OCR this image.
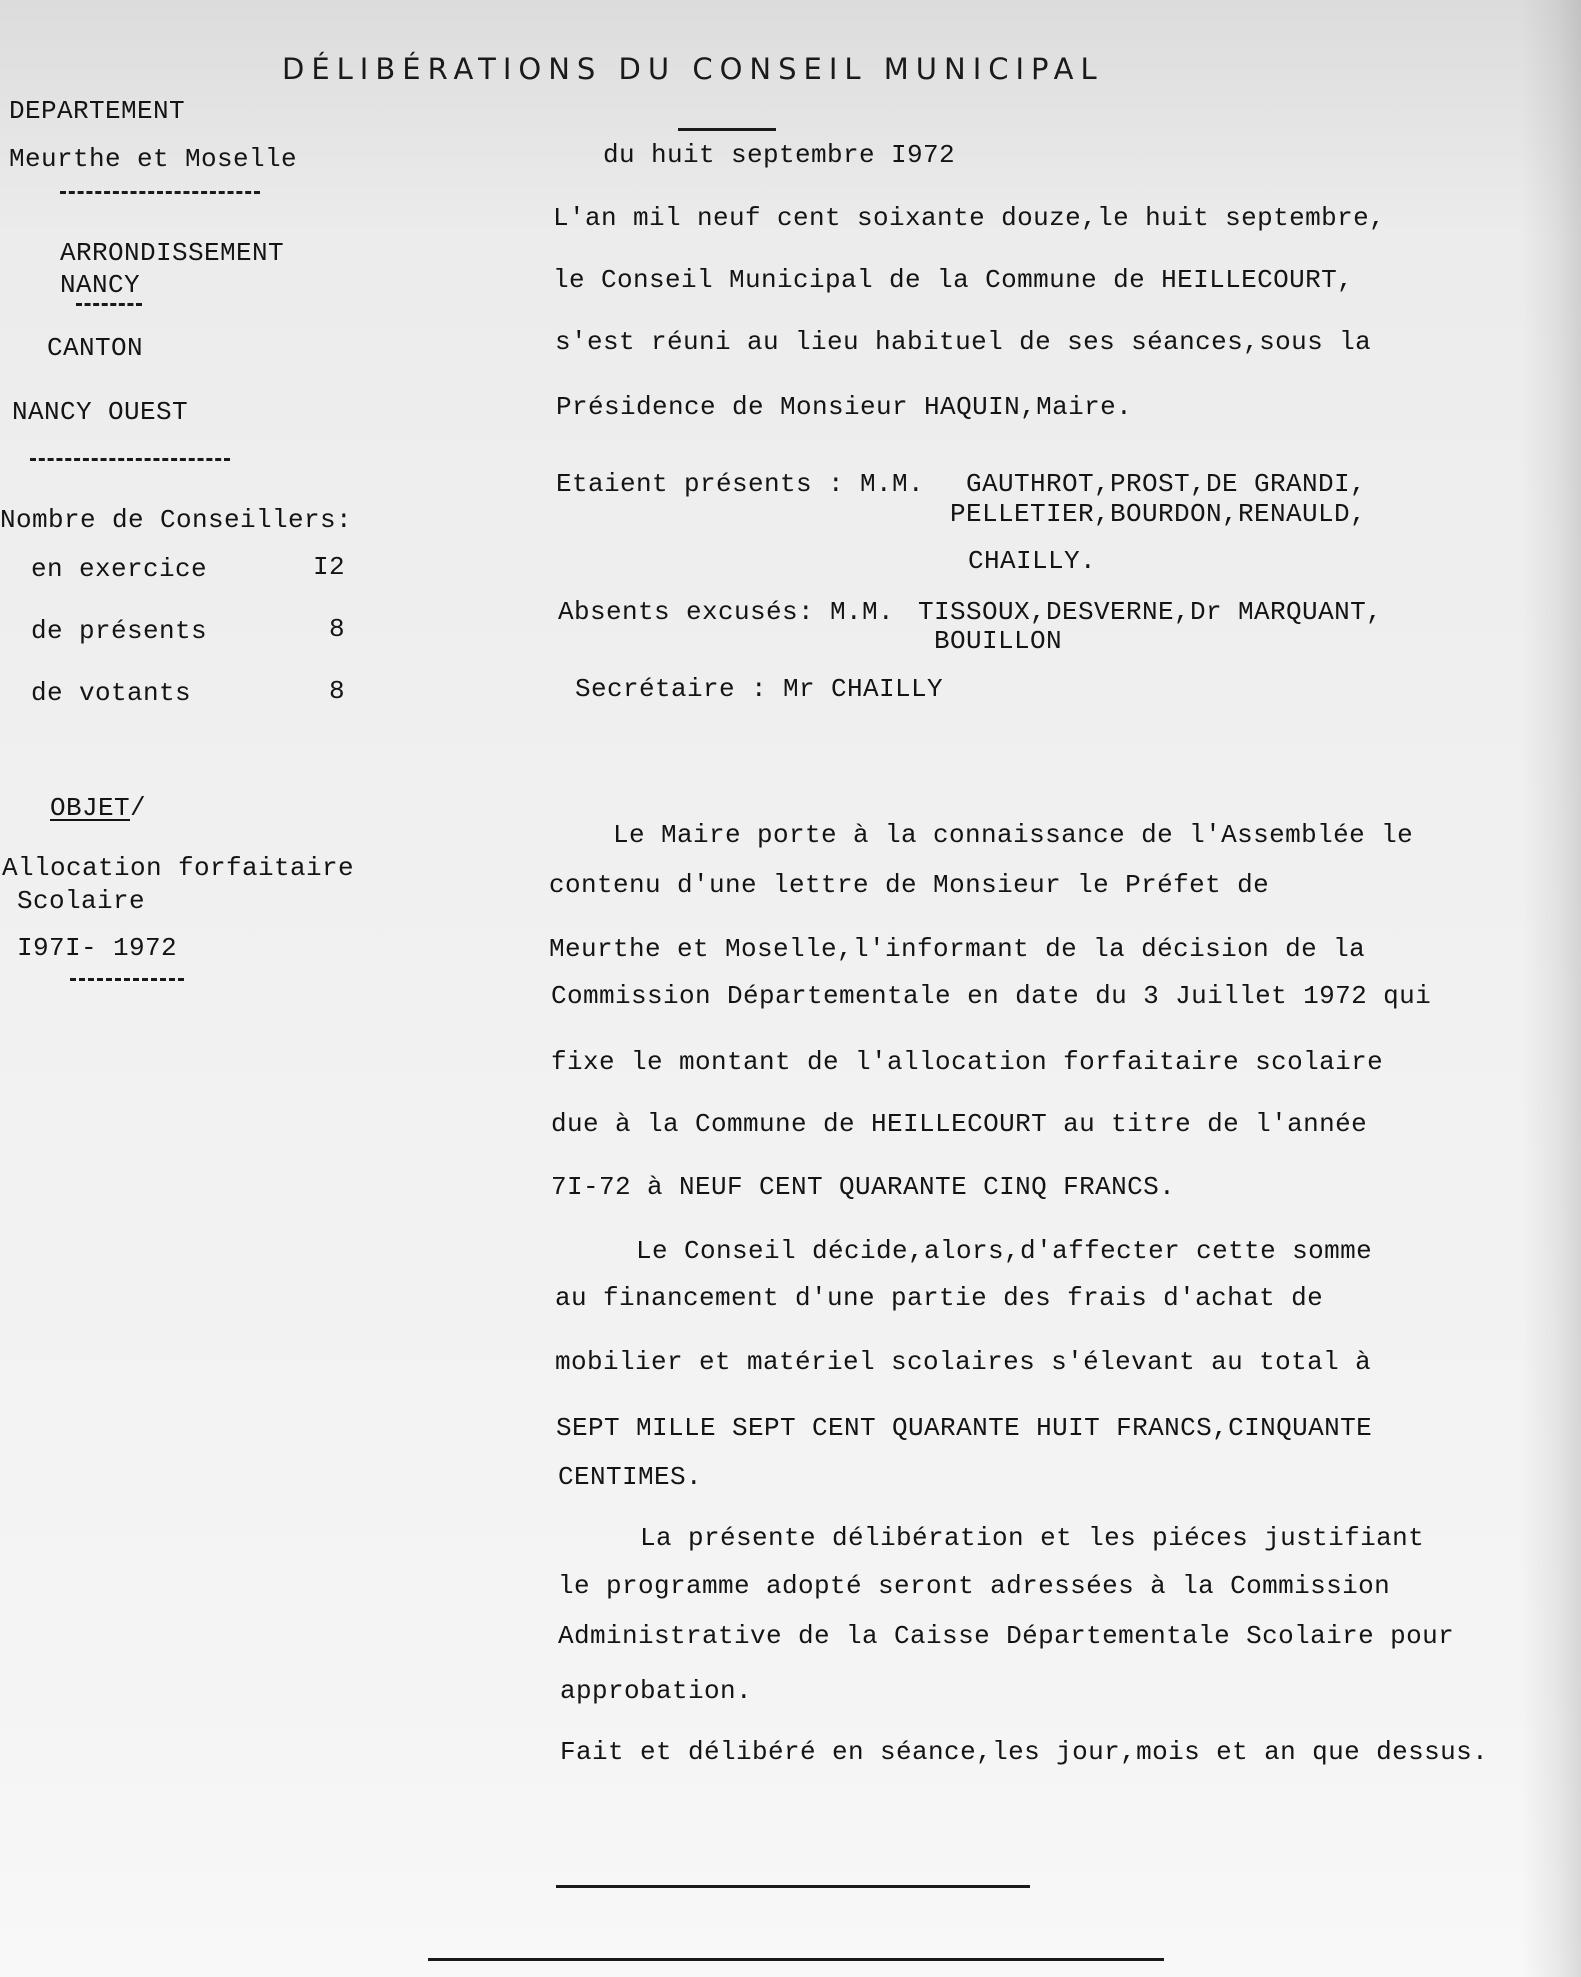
DÉLIBÉRATIONS DU CONSEIL MUNICIPAL
DEPARTEMENT
Meurthe et Moselle
ARRONDISSEMENT
NANCY
CANTON
NANCY OUEST
Nombre de Conseillers:
en exercice	I2
de présents	8
de votants	8
OBJET/
Allocation forfaitaire
Scolaire
I97I- 1972
du huit septembre I972
L'an mil neuf cent soixante douze,le huit septembre,
le Conseil Municipal de la Commune de HEILLECOURT,
s'est réuni au lieu habituel de ses séances,sous la
Présidence de Monsieur HAQUIN,Maire.
Etaient présents : M.M. GAUTHROT,PROST,DE GRANDI,
PELLETIER,BOURDON,RENAULD,
CHAILLY.
Absents excusés: M.M. TISSOUX,DESVERNE,Dr MARQUANT,
BOUILLON
Secrétaire : Mr CHAILLY
Le Maire porte à la connaissance de l'Assemblée le
contenu d'une lettre de Monsieur le Préfet de
Meurthe et Moselle,l'informant de la décision de la
Commission Départementale en date du 3 Juillet 1972 qui
fixe le montant de l'allocation forfaitaire scolaire
due à la Commune de HEILLECOURT au titre de l'année
7I-72 à NEUF CENT QUARANTE CINQ FRANCS.
Le Conseil décide,alors,d'affecter cette somme
au financement d'une partie des frais d'achat de
mobilier et matériel scolaires s'élevant au total à
SEPT MILLE SEPT CENT QUARANTE HUIT FRANCS,CINQUANTE
CENTIMES.
La présente délibération et les piéces justifiant
le programme adopté seront adressées à la Commission
Administrative de la Caisse Départementale Scolaire pour
approbation.
Fait et délibéré en séance,les jour,mois et an que dessus.
